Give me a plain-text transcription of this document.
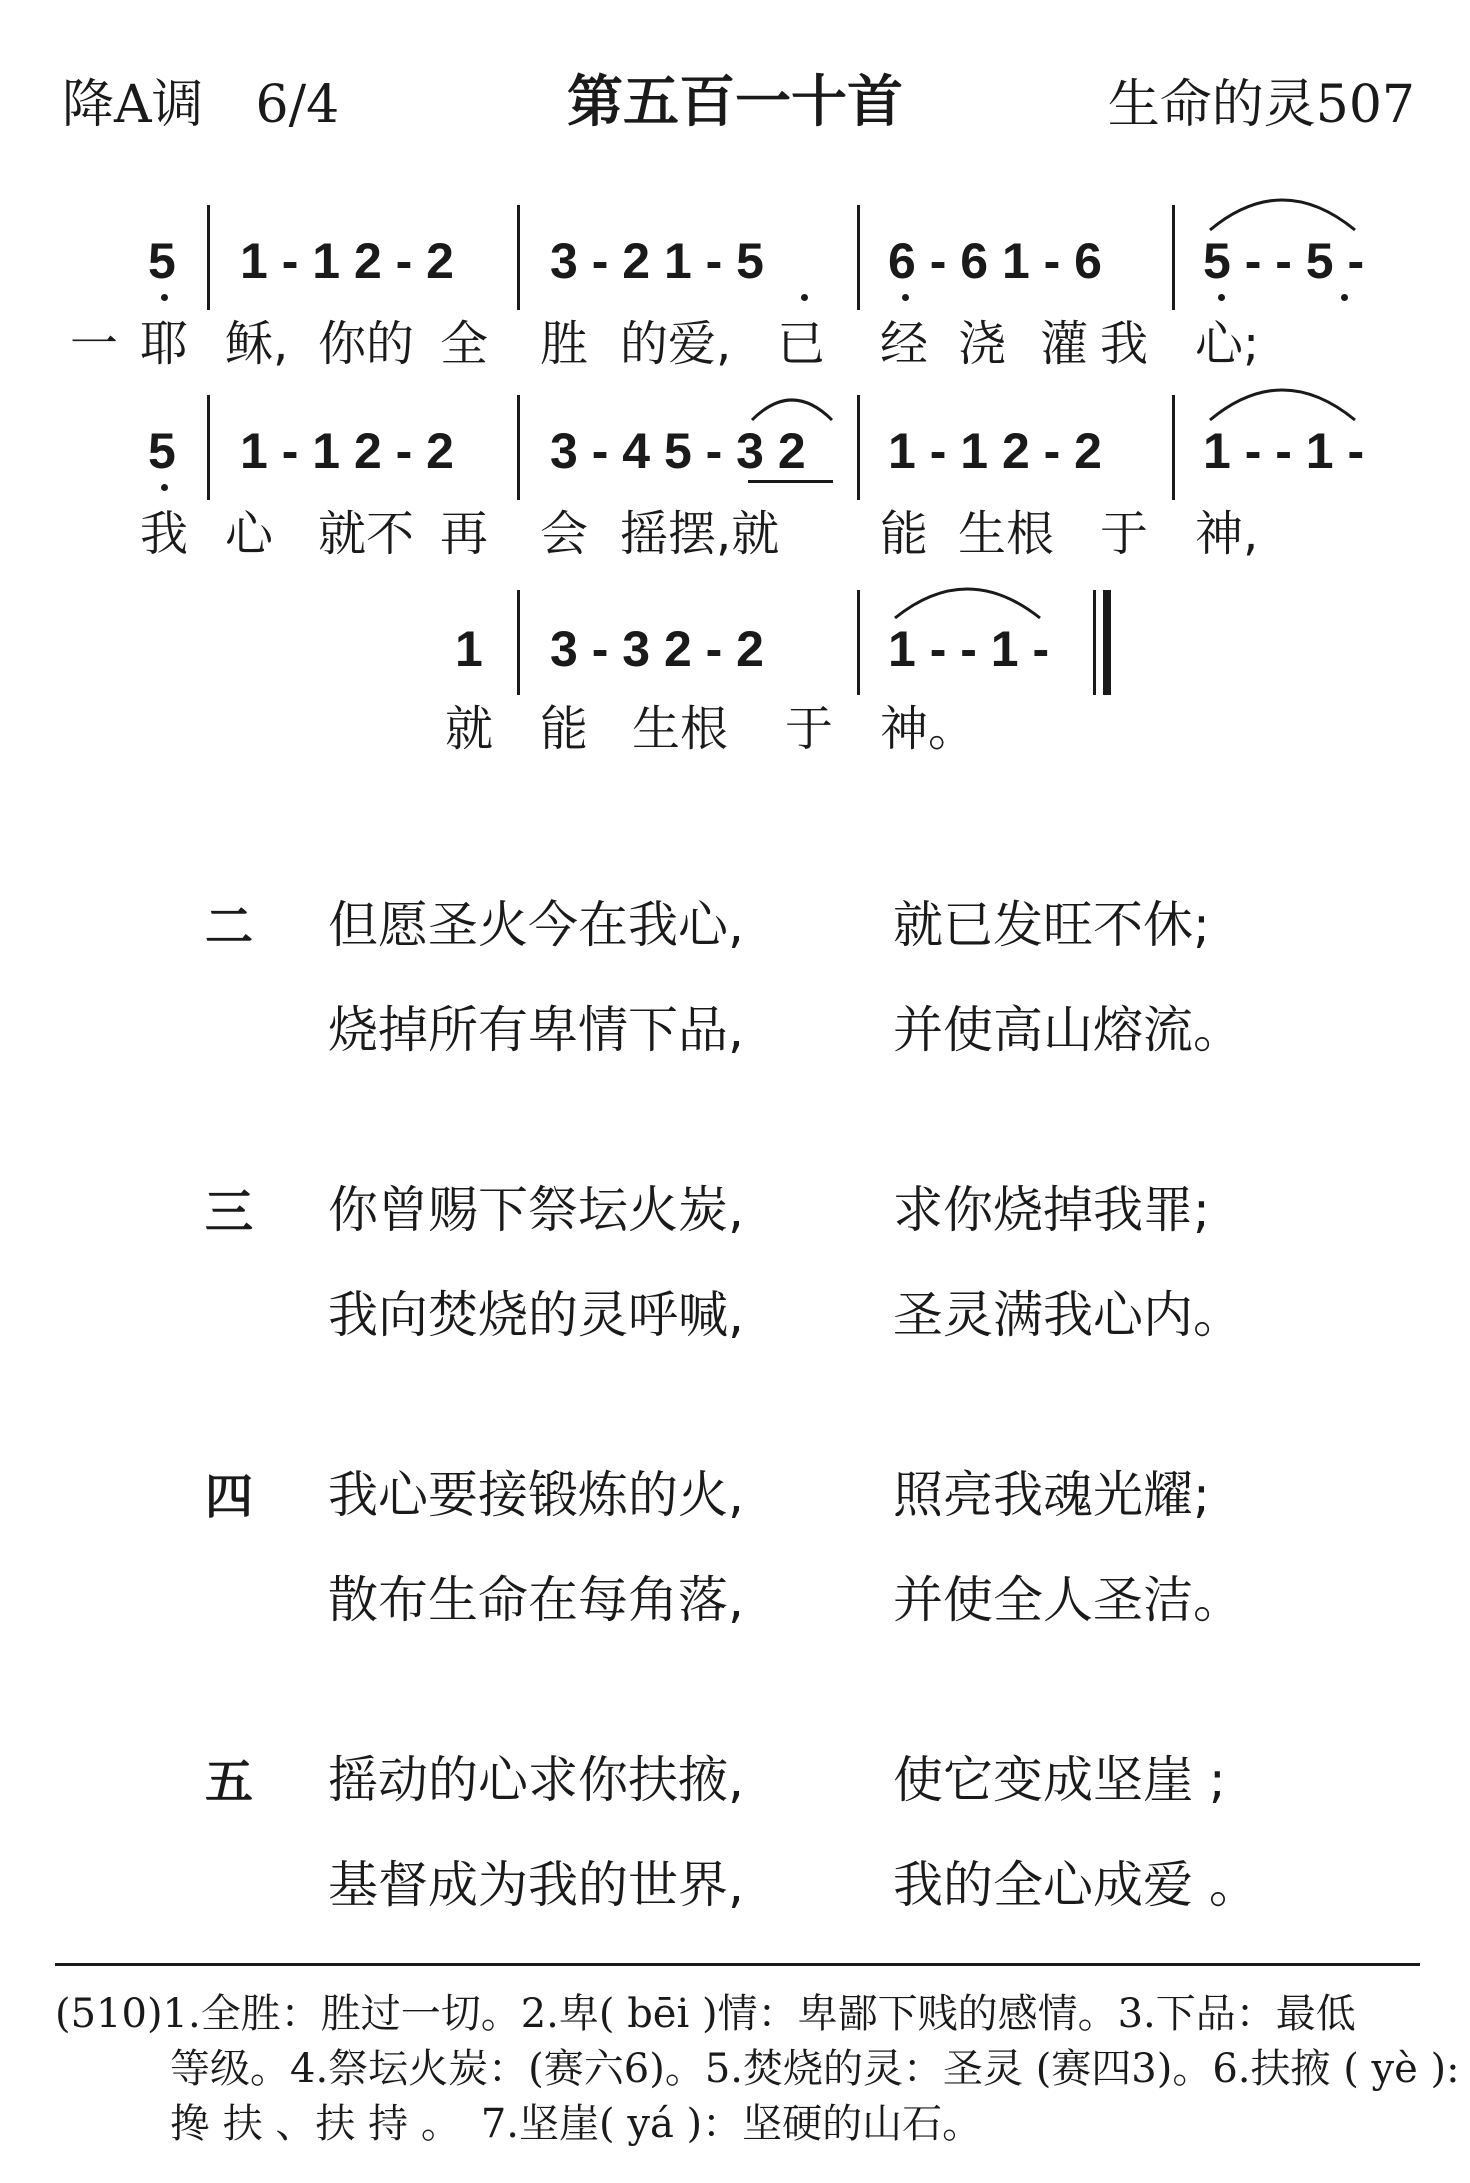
降A调　6/4	第五百一十首	生命的灵507
5 1 - 1 2 - 2 3 - 2 1 - 5 6 - 6 1 - 6 5 - - 5 -
一 耶 稣, 你的 全 胜 的爱, 已 经 浇 灌 我 心;
5 1 - 1 2 - 2 3 - 4 5 - 3 2 1 - 1 2 - 2 1 - - 1 -
我 心 就不 再 会 摇摆,就 能 生根 于 神,
1 3 - 3 2 - 2 1 - - 1 -
就 能 生根 于 神。
二 但愿圣火今在我心,	就已发旺不休;
烧掉所有卑情下品,	并使高山熔流。
三 你曾赐下祭坛火炭,	求你烧掉我罪;
我向焚烧的灵呼喊,	圣灵满我心内。
四 我心要接锻炼的火,	照亮我魂光耀;
散布生命在每角落,	并使全人圣洁。
五 摇动的心求你扶掖,	使它变成坚崖 ;
基督成为我的世界,	我的全心成爱 。
(510)1.全胜：胜过一切。2.卑( bēi )情：卑鄙下贱的感情。3.下品：最低
等级。4.祭坛火炭：(赛六6)。5.焚烧的灵：圣灵 (赛四3)。6.扶掖 ( yè ):
搀 扶 、扶 持 。　7.坚崖( yá )：坚硬的山石。
